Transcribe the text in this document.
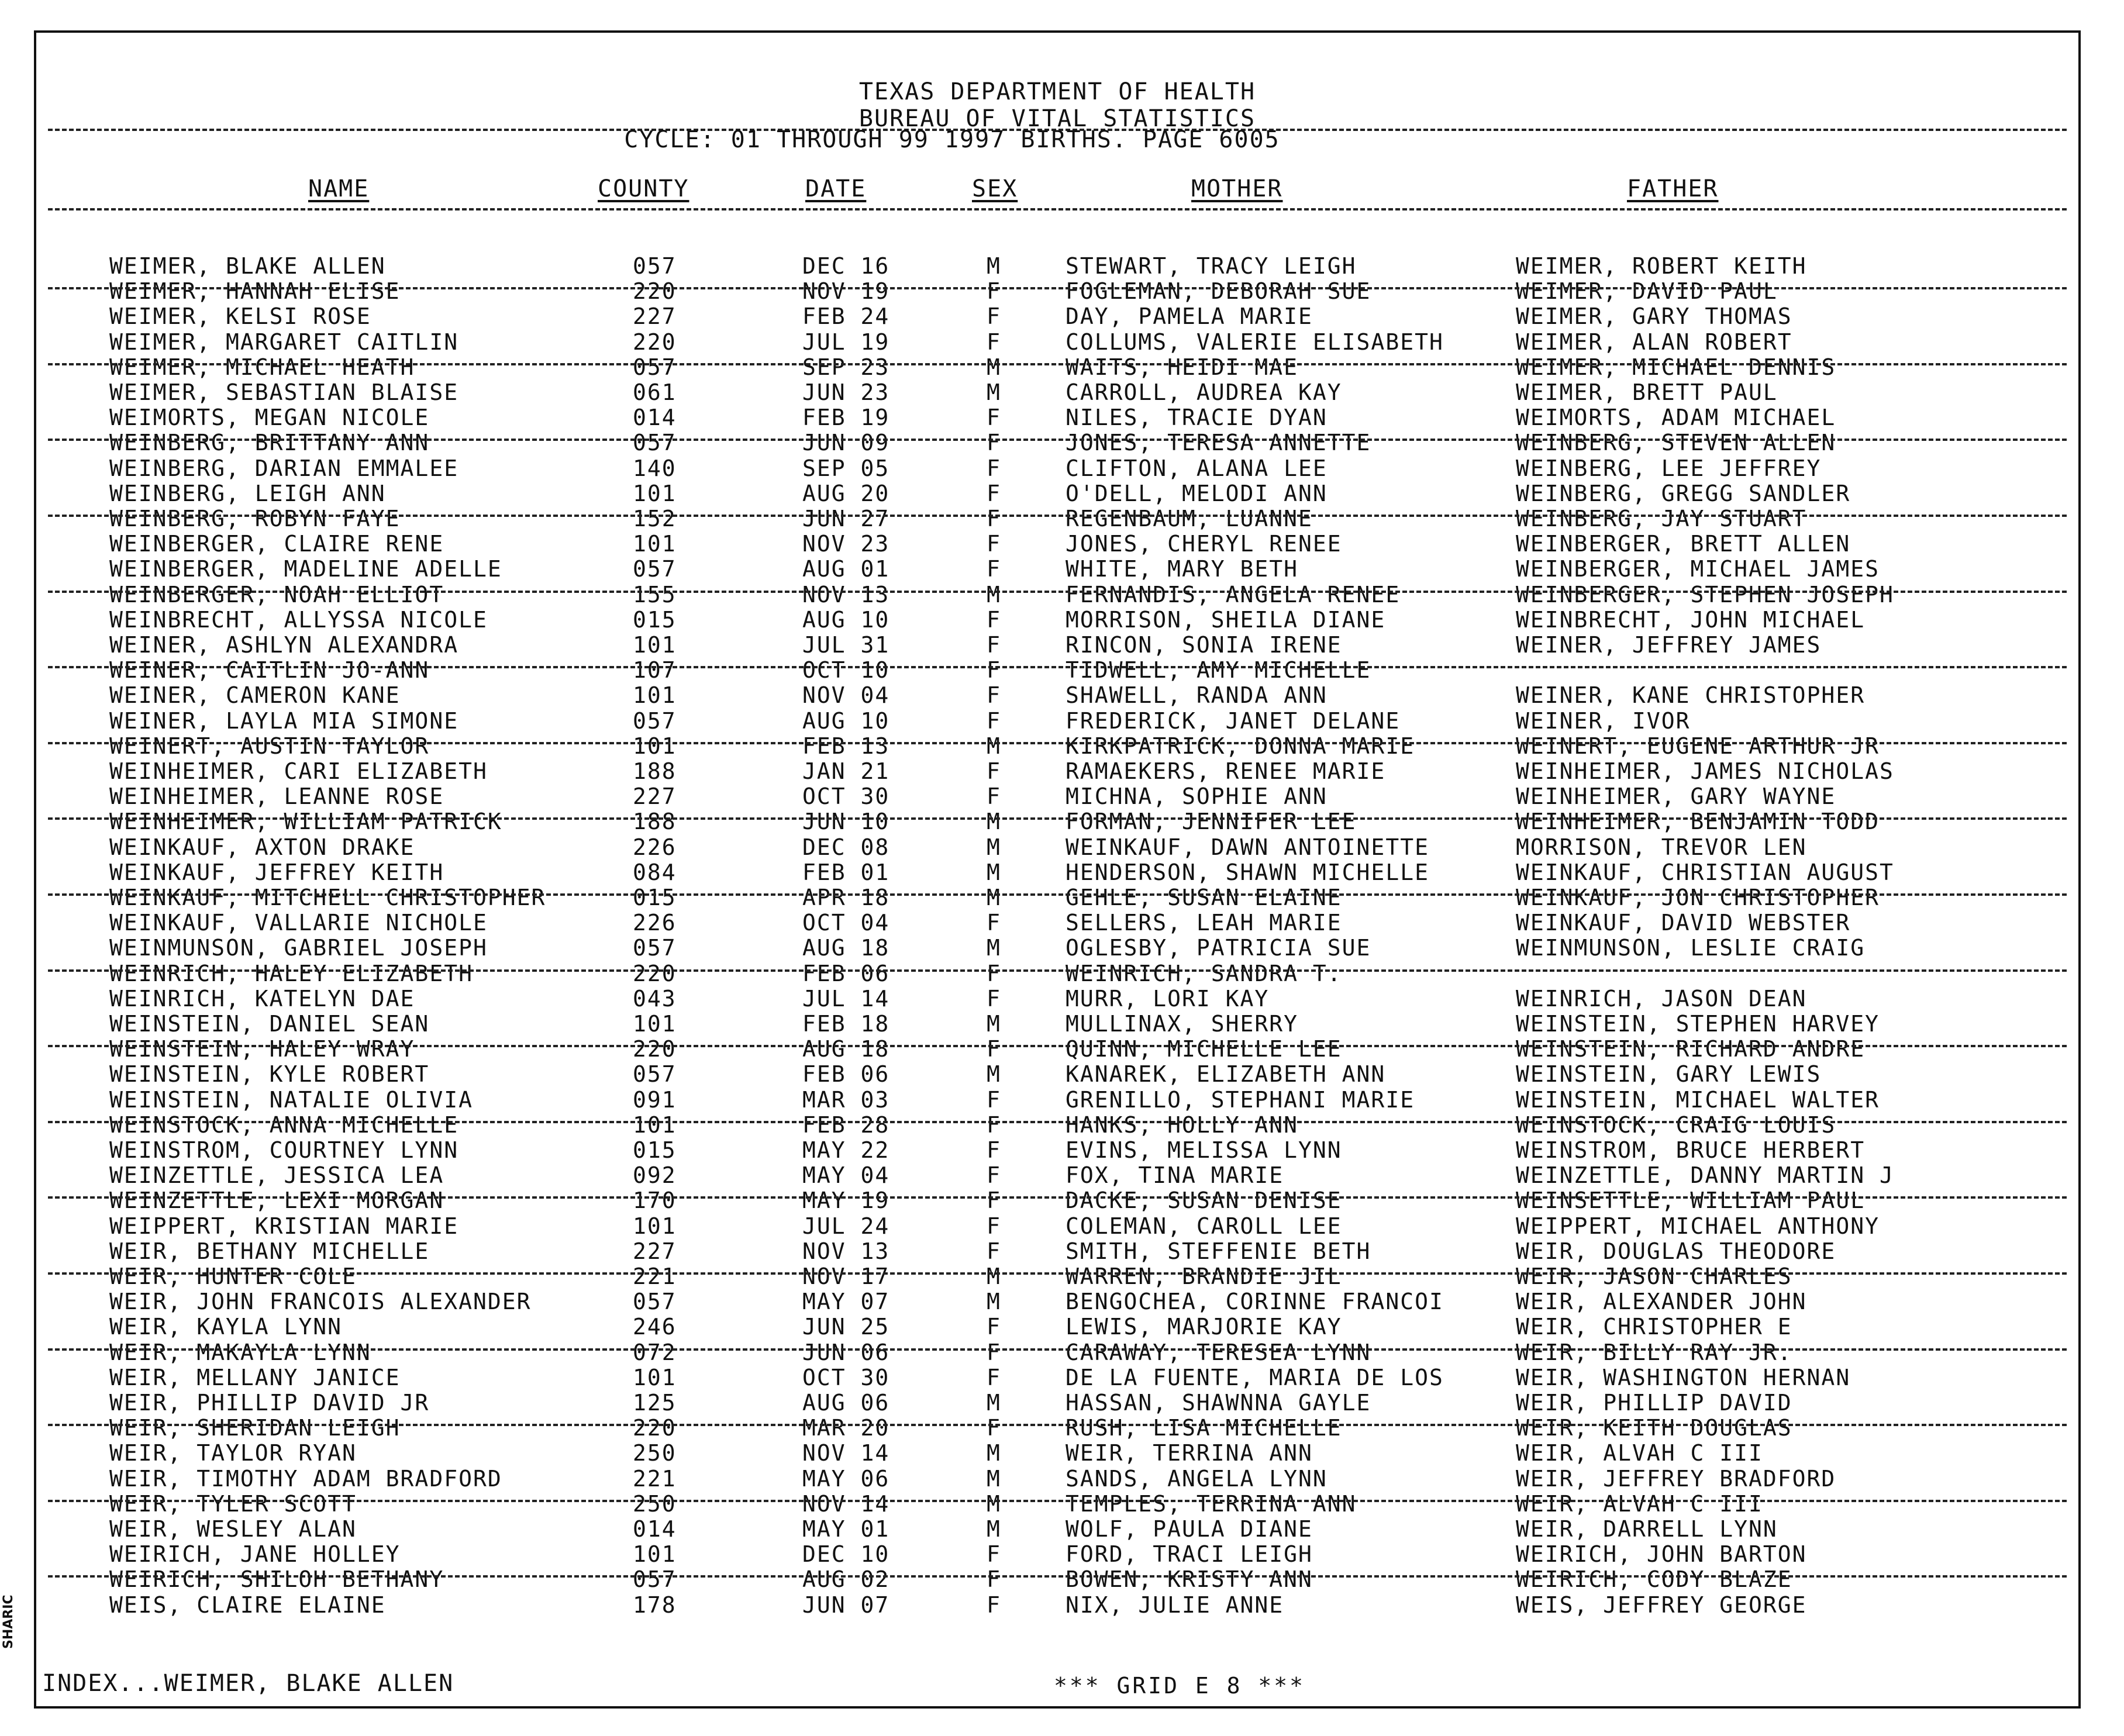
SHARIC
TEXAS DEPARTMENT OF HEALTH
BUREAU OF VITAL STATISTICS
CYCLE: 01 THROUGH 99 1997 BIRTHS. PAGE 6005
NAME	COUNTY	DATE	SEX	MOTHER	FATHER
WEIMER, BLAKE ALLEN	057	DEC 16	M	STEWART, TRACY LEIGH	WEIMER, ROBERT KEITH
WEIMER, HANNAH ELISE	220	NOV 19	F	FOGLEMAN, DEBORAH SUE	WEIMER, DAVID PAUL
WEIMER, KELSI ROSE	227	FEB 24	F	DAY, PAMELA MARIE	WEIMER, GARY THOMAS
WEIMER, MARGARET CAITLIN	220	JUL 19	F	COLLUMS, VALERIE ELISABETH	WEIMER, ALAN ROBERT
WEIMER, MICHAEL HEATH	057	SEP 23	M	WAITS, HEIDI MAE	WEIMER, MICHAEL DENNIS
WEIMER, SEBASTIAN BLAISE	061	JUN 23	M	CARROLL, AUDREA KAY	WEIMER, BRETT PAUL
WEIMORTS, MEGAN NICOLE	014	FEB 19	F	NILES, TRACIE DYAN	WEIMORTS, ADAM MICHAEL
WEINBERG, BRITTANY ANN	057	JUN 09	F	JONES, TERESA ANNETTE	WEINBERG, STEVEN ALLEN
WEINBERG, DARIAN EMMALEE	140	SEP 05	F	CLIFTON, ALANA LEE	WEINBERG, LEE JEFFREY
WEINBERG, LEIGH ANN	101	AUG 20	F	O'DELL, MELODI ANN	WEINBERG, GREGG SANDLER
WEINBERG, ROBYN FAYE	152	JUN 27	F	REGENBAUM, LUANNE	WEINBERG, JAY STUART
WEINBERGER, CLAIRE RENE	101	NOV 23	F	JONES, CHERYL RENEE	WEINBERGER, BRETT ALLEN
WEINBERGER, MADELINE ADELLE	057	AUG 01	F	WHITE, MARY BETH	WEINBERGER, MICHAEL JAMES
WEINBERGER, NOAH ELLIOT	155	NOV 13	M	FERNANDIS, ANGELA RENEE	WEINBERGER, STEPHEN JOSEPH
WEINBRECHT, ALLYSSA NICOLE	015	AUG 10	F	MORRISON, SHEILA DIANE	WEINBRECHT, JOHN MICHAEL
WEINER, ASHLYN ALEXANDRA	101	JUL 31	F	RINCON, SONIA IRENE	WEINER, JEFFREY JAMES
WEINER, CAITLIN JO-ANN	107	OCT 10	F	TIDWELL, AMY MICHELLE
WEINER, CAMERON KANE	101	NOV 04	F	SHAWELL, RANDA ANN	WEINER, KANE CHRISTOPHER
WEINER, LAYLA MIA SIMONE	057	AUG 10	F	FREDERICK, JANET DELANE	WEINER, IVOR
WEINERT, AUSTIN TAYLOR	101	FEB 13	M	KIRKPATRICK, DONNA MARIE	WEINERT, EUGENE ARTHUR JR
WEINHEIMER, CARI ELIZABETH	188	JAN 21	F	RAMAEKERS, RENEE MARIE	WEINHEIMER, JAMES NICHOLAS
WEINHEIMER, LEANNE ROSE	227	OCT 30	F	MICHNA, SOPHIE ANN	WEINHEIMER, GARY WAYNE
WEINHEIMER, WILLIAM PATRICK	188	JUN 10	M	FORMAN, JENNIFER LEE	WEINHEIMER, BENJAMIN TODD
WEINKAUF, AXTON DRAKE	226	DEC 08	M	WEINKAUF, DAWN ANTOINETTE	MORRISON, TREVOR LEN
WEINKAUF, JEFFREY KEITH	084	FEB 01	M	HENDERSON, SHAWN MICHELLE	WEINKAUF, CHRISTIAN AUGUST
WEINKAUF, MITCHELL CHRISTOPHER	015	APR 18	M	GEHLE, SUSAN ELAINE	WEINKAUF, JON CHRISTOPHER
WEINKAUF, VALLARIE NICHOLE	226	OCT 04	F	SELLERS, LEAH MARIE	WEINKAUF, DAVID WEBSTER
WEINMUNSON, GABRIEL JOSEPH	057	AUG 18	M	OGLESBY, PATRICIA SUE	WEINMUNSON, LESLIE CRAIG
WEINRICH, HALEY ELIZABETH	220	FEB 06	F	WEINRICH, SANDRA T.
WEINRICH, KATELYN DAE	043	JUL 14	F	MURR, LORI KAY	WEINRICH, JASON DEAN
WEINSTEIN, DANIEL SEAN	101	FEB 18	M	MULLINAX, SHERRY	WEINSTEIN, STEPHEN HARVEY
WEINSTEIN, HALEY WRAY	220	AUG 18	F	QUINN, MICHELLE LEE	WEINSTEIN, RICHARD ANDRE
WEINSTEIN, KYLE ROBERT	057	FEB 06	M	KANAREK, ELIZABETH ANN	WEINSTEIN, GARY LEWIS
WEINSTEIN, NATALIE OLIVIA	091	MAR 03	F	GRENILLO, STEPHANI MARIE	WEINSTEIN, MICHAEL WALTER
WEINSTOCK, ANNA MICHELLE	101	FEB 28	F	HANKS, HOLLY ANN	WEINSTOCK, CRAIG LOUIS
WEINSTROM, COURTNEY LYNN	015	MAY 22	F	EVINS, MELISSA LYNN	WEINSTROM, BRUCE HERBERT
WEINZETTLE, JESSICA LEA	092	MAY 04	F	FOX, TINA MARIE	WEINZETTLE, DANNY MARTIN J
WEINZETTLE, LEXI MORGAN	170	MAY 19	F	DACKE, SUSAN DENISE	WEINSETTLE, WILLIAM PAUL
WEIPPERT, KRISTIAN MARIE	101	JUL 24	F	COLEMAN, CAROLL LEE	WEIPPERT, MICHAEL ANTHONY
WEIR, BETHANY MICHELLE	227	NOV 13	F	SMITH, STEFFENIE BETH	WEIR, DOUGLAS THEODORE
WEIR, HUNTER COLE	221	NOV 17	M	WARREN, BRANDIE JIL	WEIR, JASON CHARLES
WEIR, JOHN FRANCOIS ALEXANDER	057	MAY 07	M	BENGOCHEA, CORINNE FRANCOI	WEIR, ALEXANDER JOHN
WEIR, KAYLA LYNN	246	JUN 25	F	LEWIS, MARJORIE KAY	WEIR, CHRISTOPHER E
WEIR, MAKAYLA LYNN	072	JUN 06	F	CARAWAY, TERESEA LYNN	WEIR, BILLY RAY JR.
WEIR, MELLANY JANICE	101	OCT 30	F	DE LA FUENTE, MARIA DE LOS	WEIR, WASHINGTON HERNAN
WEIR, PHILLIP DAVID JR	125	AUG 06	M	HASSAN, SHAWNNA GAYLE	WEIR, PHILLIP DAVID
WEIR, SHERIDAN LEIGH	220	MAR 20	F	RUSH, LISA MICHELLE	WEIR, KEITH DOUGLAS
WEIR, TAYLOR RYAN	250	NOV 14	M	WEIR, TERRINA ANN	WEIR, ALVAH C III
WEIR, TIMOTHY ADAM BRADFORD	221	MAY 06	M	SANDS, ANGELA LYNN	WEIR, JEFFREY BRADFORD
WEIR, TYLER SCOTT	250	NOV 14	M	TEMPLES, TERRINA ANN	WEIR, ALVAH C III
WEIR, WESLEY ALAN	014	MAY 01	M	WOLF, PAULA DIANE	WEIR, DARRELL LYNN
WEIRICH, JANE HOLLEY	101	DEC 10	F	FORD, TRACI LEIGH	WEIRICH, JOHN BARTON
WEIRICH, SHILOH BETHANY	057	AUG 02	F	BOWEN, KRISTY ANN	WEIRICH, CODY BLAZE
WEIS, CLAIRE ELAINE	178	JUN 07	F	NIX, JULIE ANNE	WEIS, JEFFREY GEORGE
INDEX...WEIMER, BLAKE ALLEN	*** GRID E 8 ***
